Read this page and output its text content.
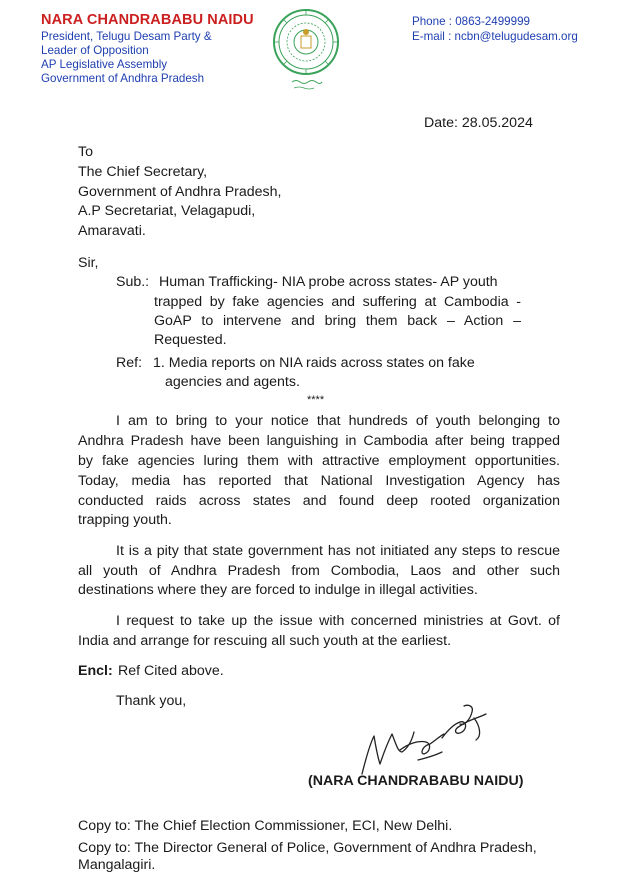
NARA CHANDRABABU NAIDU
President, Telugu Desam Party &
Leader of Opposition
AP Legislative Assembly
Government of Andhra Pradesh
Phone : 0863-2499999
E-mail : ncbn@telugudesam.org
Date: 28.05.2024
To
The Chief Secretary,
Government of Andhra Pradesh,
A.P Secretariat, Velagapudi,
Amaravati.
Sir,
Sub.: Human Trafficking- NIA probe across states- AP youth
trapped by fake agencies and suffering at Cambodia -
GoAP to intervene and bring them back – Action –
Requested.
Ref: 1. Media reports on NIA raids across states on fake
agencies and agents.
****
I am to bring to your notice that hundreds of youth belonging to
Andhra Pradesh have been languishing in Cambodia after being trapped
by fake agencies luring them with attractive employment opportunities.
Today, media has reported that National Investigation Agency has
conducted raids across states and found deep rooted organization
trapping youth.
It is a pity that state government has not initiated any steps to rescue
all youth of Andhra Pradesh from Combodia, Laos and other such
destinations where they are forced to indulge in illegal activities.
I request to take up the issue with concerned ministries at Govt. of
India and arrange for rescuing all such youth at the earliest.
Encl: Ref Cited above.
Thank you,
(NARA CHANDRABABU NAIDU)
Copy to: The Chief Election Commissioner, ECI, New Delhi.
Copy to: The Director General of Police, Government of Andhra Pradesh,
Mangalagiri.
